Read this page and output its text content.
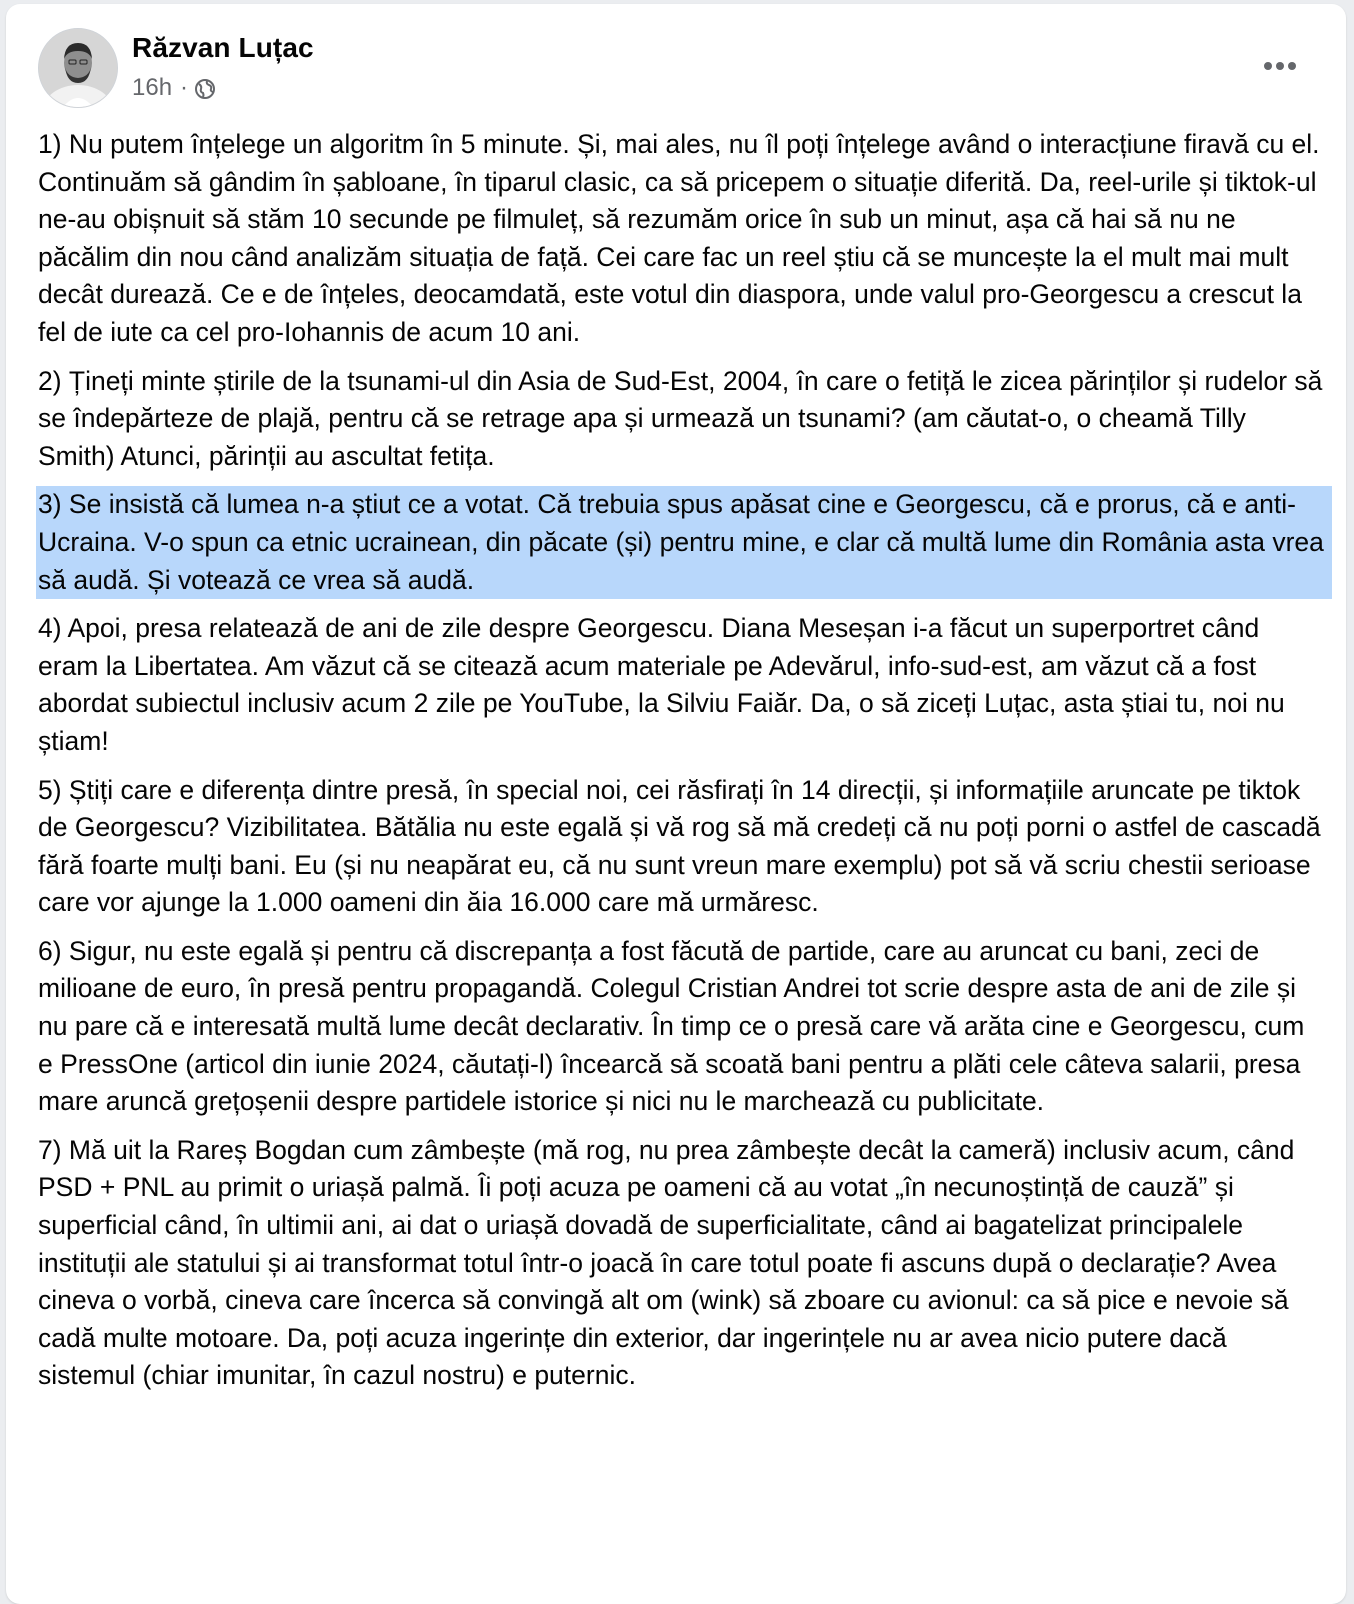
Răzvan Luțac
16h ·

1) Nu putem înțelege un algoritm în 5 minute. Și, mai ales, nu îl poți înțelege având o interacțiune firavă cu el. Continuăm să gândim în șabloane, în tiparul clasic, ca să pricepem o situație diferită. Da, reel-urile și tiktok-ul ne-au obișnuit să stăm 10 secunde pe filmuleț, să rezumăm orice în sub un minut, așa că hai să nu ne păcălim din nou când analizăm situația de față. Cei care fac un reel știu că se muncește la el mult mai mult decât durează. Ce e de înțeles, deocamdată, este votul din diaspora, unde valul pro-Georgescu a crescut la fel de iute ca cel pro-Iohannis de acum 10 ani.

2) Țineți minte știrile de la tsunami-ul din Asia de Sud-Est, 2004, în care o fetiță le zicea părinților și rudelor să se îndepărteze de plajă, pentru că se retrage apa și urmează un tsunami? (am căutat-o, o cheamă Tilly Smith) Atunci, părinții au ascultat fetița.

3) Se insistă că lumea n-a știut ce a votat. Că trebuia spus apăsat cine e Georgescu, că e prorus, că e anti-Ucraina. V-o spun ca etnic ucrainean, din păcate (și) pentru mine, e clar că multă lume din România asta vrea să audă. Și votează ce vrea să audă.

4) Apoi, presa relatează de ani de zile despre Georgescu. Diana Meseșan i-a făcut un superportret când eram la Libertatea. Am văzut că se citează acum materiale pe Adevărul, info-sud-est, am văzut că a fost abordat subiectul inclusiv acum 2 zile pe YouTube, la Silviu Faiăr. Da, o să ziceți Luțac, asta știai tu, noi nu știam!

5) Știți care e diferența dintre presă, în special noi, cei răsfirați în 14 direcții, și informațiile aruncate pe tiktok de Georgescu? Vizibilitatea. Bătălia nu este egală și vă rog să mă credeți că nu poți porni o astfel de cascadă fără foarte mulți bani. Eu (și nu neapărat eu, că nu sunt vreun mare exemplu) pot să vă scriu chestii serioase care vor ajunge la 1.000 oameni din ăia 16.000 care mă urmăresc.

6) Sigur, nu este egală și pentru că discrepanța a fost făcută de partide, care au aruncat cu bani, zeci de milioane de euro, în presă pentru propagandă. Colegul Cristian Andrei tot scrie despre asta de ani de zile și nu pare că e interesată multă lume decât declarativ. În timp ce o presă care vă arăta cine e Georgescu, cum e PressOne (articol din iunie 2024, căutați-l) încearcă să scoată bani pentru a plăti cele câteva salarii, presa mare aruncă grețoșenii despre partidele istorice și nici nu le marchează cu publicitate.

7) Mă uit la Rareș Bogdan cum zâmbește (mă rog, nu prea zâmbește decât la cameră) inclusiv acum, când PSD + PNL au primit o uriașă palmă. Îi poți acuza pe oameni că au votat „în necunoștință de cauză” și superficial când, în ultimii ani, ai dat o uriașă dovadă de superficialitate, când ai bagatelizat principalele instituții ale statului și ai transformat totul într-o joacă în care totul poate fi ascuns după o declarație? Avea cineva o vorbă, cineva care încerca să convingă alt om (wink) să zboare cu avionul: ca să pice e nevoie să cadă multe motoare. Da, poți acuza ingerințe din exterior, dar ingerințele nu ar avea nicio putere dacă sistemul (chiar imunitar, în cazul nostru) e puternic.
